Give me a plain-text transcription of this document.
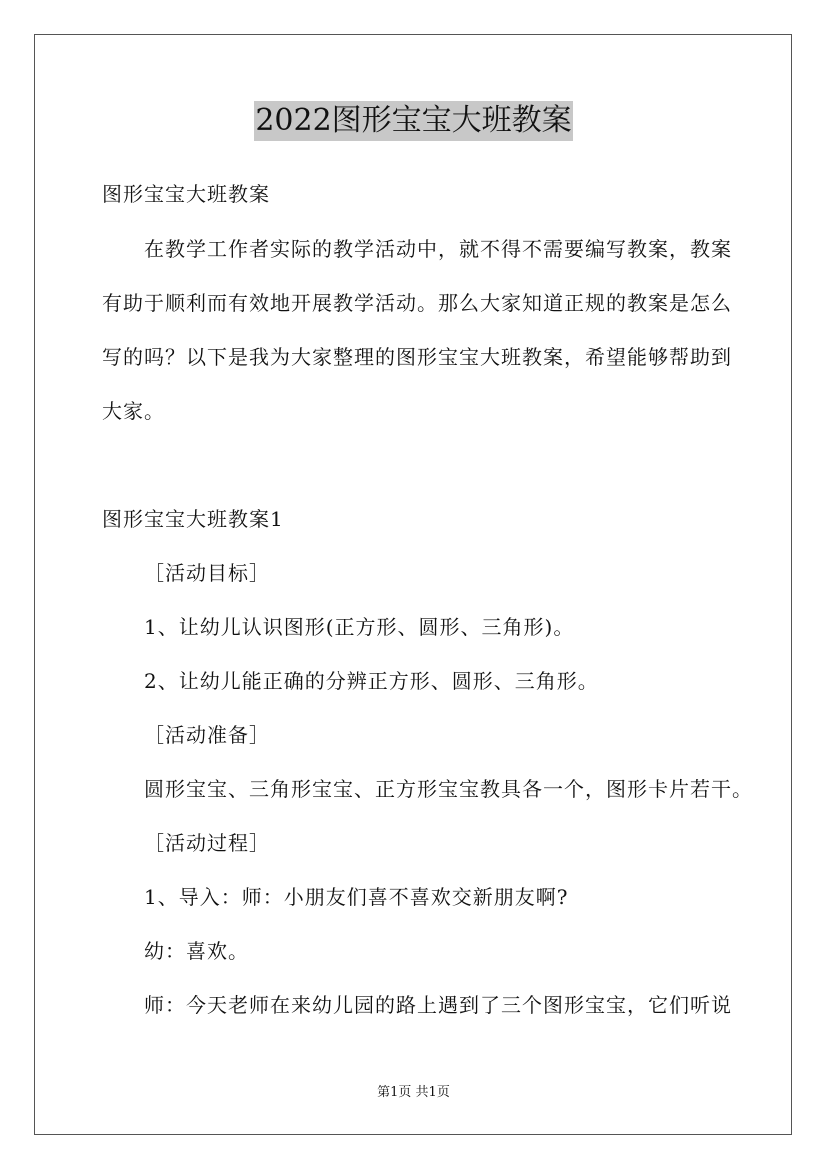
2022图形宝宝大班教案
图形宝宝大班教案
在教学工作者实际的教学活动中，就不得不需要编写教案，教案
有助于顺利而有效地开展教学活动。那么大家知道正规的教案是怎么
写的吗？以下是我为大家整理的图形宝宝大班教案，希望能够帮助到
大家。
图形宝宝大班教案1
［活动目标］
1、让幼儿认识图形(正方形、圆形、三角形)。
2、让幼儿能正确的分辨正方形、圆形、三角形。
［活动准备］
圆形宝宝、三角形宝宝、正方形宝宝教具各一个，图形卡片若干。
［活动过程］
1、导入：师：小朋友们喜不喜欢交新朋友啊?
幼：喜欢。
师：今天老师在来幼儿园的路上遇到了三个图形宝宝，它们听说
第1页 共1页
